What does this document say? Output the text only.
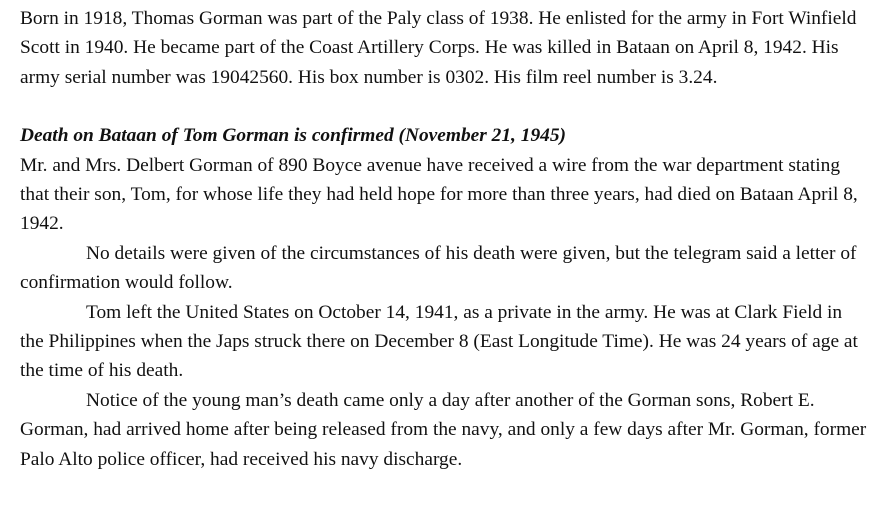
Born in 1918, Thomas Gorman was part of the Paly class of 1938. He enlisted for the army in Fort Winfield Scott in 1940. He became part of the Coast Artillery Corps. He was killed in Bataan on April 8, 1942. His army serial number was 19042560. His box number is 0302. His film reel number is 3.24.

Death on Bataan of Tom Gorman is confirmed (November 21, 1945)

Mr. and Mrs. Delbert Gorman of 890 Boyce avenue have received a wire from the war department stating that their son, Tom, for whose life they had held hope for more than three years, had died on Bataan April 8, 1942.

No details were given of the circumstances of his death were given, but the telegram said a letter of confirmation would follow.

Tom left the United States on October 14, 1941, as a private in the army. He was at Clark Field in the Philippines when the Japs struck there on December 8 (East Longitude Time). He was 24 years of age at the time of his death.

Notice of the young man’s death came only a day after another of the Gorman sons, Robert E. Gorman, had arrived home after being released from the navy, and only a few days after Mr. Gorman, former Palo Alto police officer, had received his navy discharge.
